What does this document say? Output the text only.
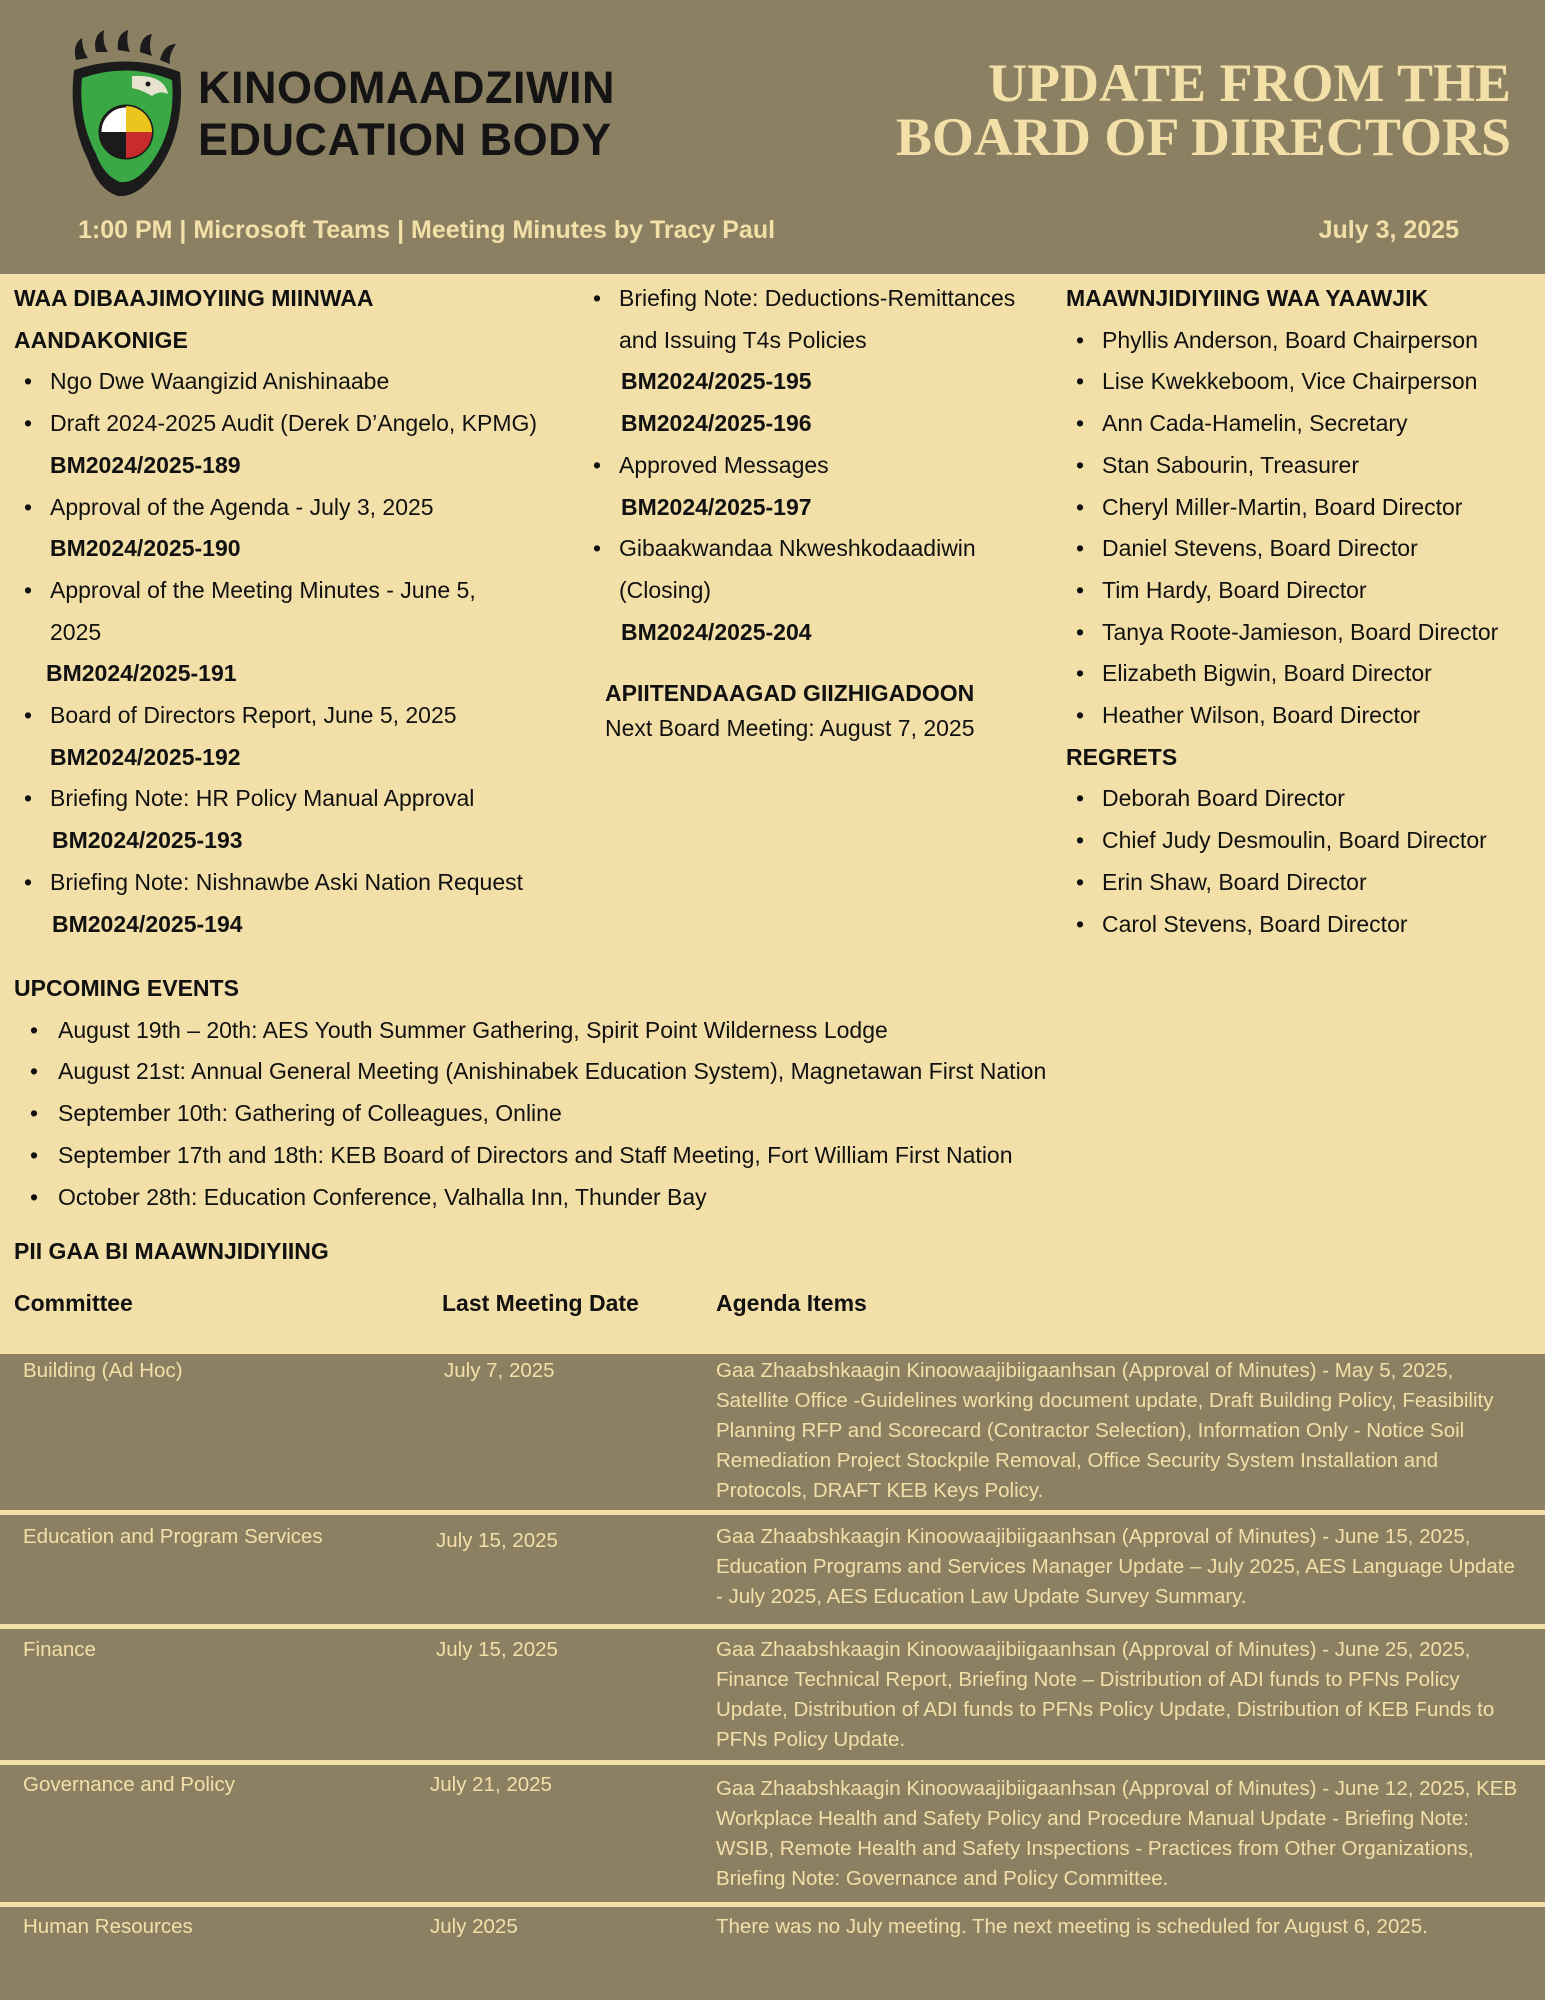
KINOOMAADZIWIN
EDUCATION BODY
UPDATE FROM THE
BOARD OF DIRECTORS
1:00 PM | Microsoft Teams | Meeting Minutes by Tracy Paul	July 3, 2025
WAA DIBAAJIMOYIING MIINWAA
AANDAKONIGE
• Ngo Dwe Waangizid Anishinaabe
• Draft 2024-2025 Audit (Derek D’Angelo, KPMG)
BM2024/2025-189
• Approval of the Agenda - July 3, 2025
BM2024/2025-190
• Approval of the Meeting Minutes - June 5, 2025
BM2024/2025-191
• Board of Directors Report, June 5, 2025
BM2024/2025-192
• Briefing Note: HR Policy Manual Approval
BM2024/2025-193
• Briefing Note: Nishnawbe Aski Nation Request
BM2024/2025-194
• Briefing Note: Deductions-Remittances and Issuing T4s Policies
BM2024/2025-195
BM2024/2025-196
• Approved Messages
BM2024/2025-197
• Gibaakwandaa Nkweshkodaadiwin (Closing)
BM2024/2025-204
APIITENDAAGAD GIIZHIGADOON
Next Board Meeting: August 7, 2025
MAAWNJIDIYIING WAA YAAWJIK
• Phyllis Anderson, Board Chairperson
• Lise Kwekkeboom, Vice Chairperson
• Ann Cada-Hamelin, Secretary
• Stan Sabourin, Treasurer
• Cheryl Miller-Martin, Board Director
• Daniel Stevens, Board Director
• Tim Hardy, Board Director
• Tanya Roote-Jamieson, Board Director
• Elizabeth Bigwin, Board Director
• Heather Wilson, Board Director
REGRETS
• Deborah Board Director
• Chief Judy Desmoulin, Board Director
• Erin Shaw, Board Director
• Carol Stevens, Board Director
UPCOMING EVENTS
• August 19th – 20th: AES Youth Summer Gathering, Spirit Point Wilderness Lodge
• August 21st: Annual General Meeting (Anishinabek Education System), Magnetawan First Nation
• September 10th: Gathering of Colleagues, Online
• September 17th and 18th: KEB Board of Directors and Staff Meeting, Fort William First Nation
• October 28th: Education Conference, Valhalla Inn, Thunder Bay
PII GAA BI MAAWNJIDIYIING
Committee	Last Meeting Date	Agenda Items
Building (Ad Hoc)	July 7, 2025	Gaa Zhaabshkaagin Kinoowaajibiigaanhsan (Approval of Minutes) - May 5, 2025, Satellite Office -Guidelines working document update, Draft Building Policy, Feasibility Planning RFP and Scorecard (Contractor Selection), Information Only - Notice Soil Remediation Project Stockpile Removal, Office Security System Installation and Protocols, DRAFT KEB Keys Policy.
Education and Program Services	July 15, 2025	Gaa Zhaabshkaagin Kinoowaajibiigaanhsan (Approval of Minutes) - June 15, 2025, Education Programs and Services Manager Update – July 2025, AES Language Update - July 2025, AES Education Law Update Survey Summary.
Finance	July 15, 2025	Gaa Zhaabshkaagin Kinoowaajibiigaanhsan (Approval of Minutes) - June 25, 2025, Finance Technical Report, Briefing Note – Distribution of ADI funds to PFNs Policy Update, Distribution of ADI funds to PFNs Policy Update, Distribution of KEB Funds to PFNs Policy Update.
Governance and Policy	July 21, 2025	Gaa Zhaabshkaagin Kinoowaajibiigaanhsan (Approval of Minutes) - June 12, 2025, KEB Workplace Health and Safety Policy and Procedure Manual Update - Briefing Note: WSIB, Remote Health and Safety Inspections - Practices from Other Organizations, Briefing Note: Governance and Policy Committee.
Human Resources	July 2025	There was no July meeting. The next meeting is scheduled for August 6, 2025.
